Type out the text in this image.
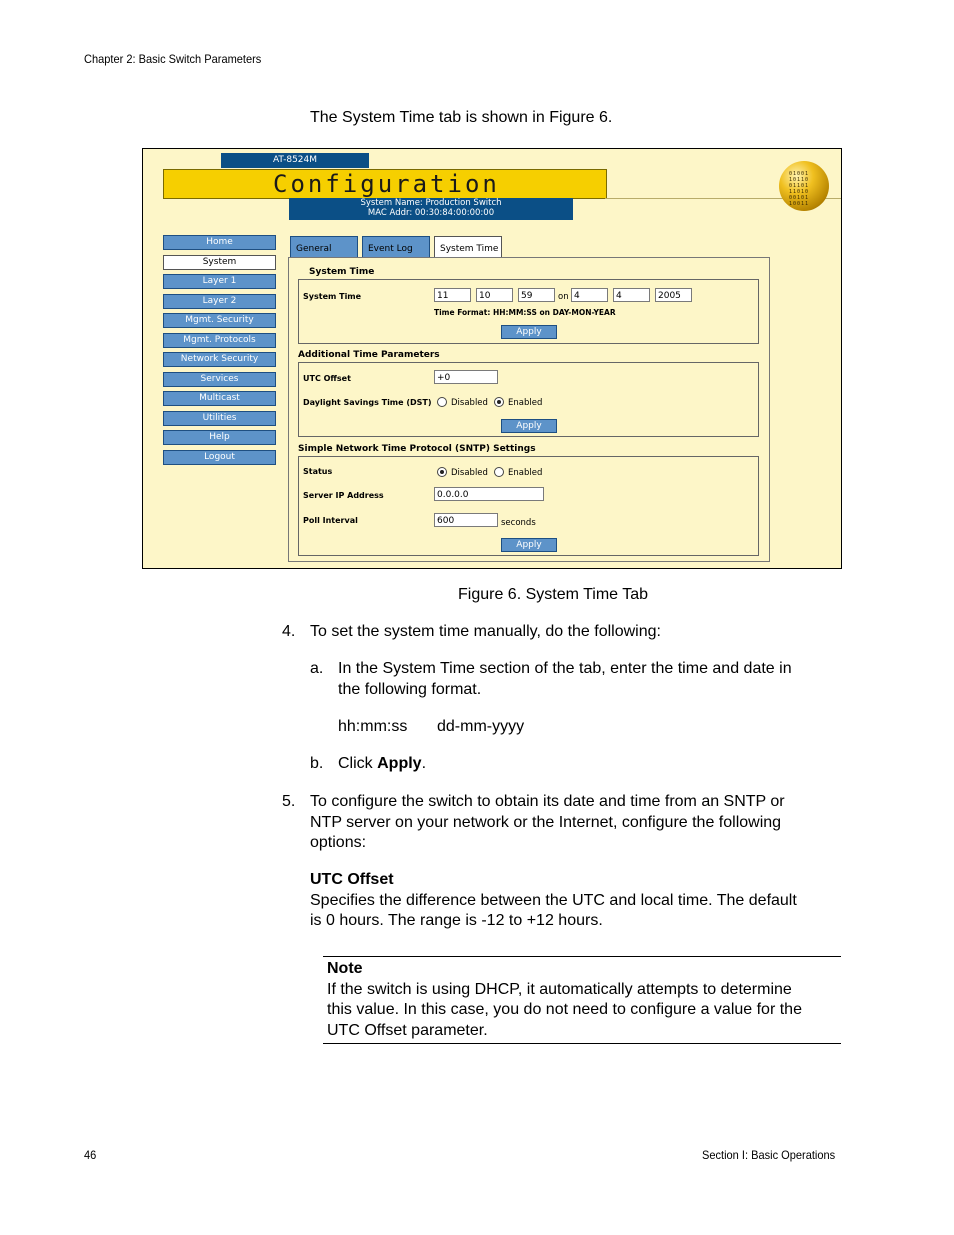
Chapter 2: Basic Switch Parameters
The System Time tab is shown in Figure 6.
AT-8524M
Configuration
System Name: Production Switch
MAC Addr: 00:30:84:00:00:00
01001 10110 01101 11010 00101 10011
Home
System
Layer 1
Layer 2
Mgmt. Security
Mgmt. Protocols
Network Security
Services
Multicast
Utilities
Help
Logout
General	Event Log	System Time
System Time
System Time	11	10	59	on 4	4	2005
Time Format: HH:MM:SS on DAY-MON-YEAR
Apply
Additional Time Parameters
UTC Offset	+0
Daylight Savings Time (DST) Disabled Enabled
Apply
Simple Network Time Protocol (SNTP) Settings
Status	Disabled Enabled
Server IP Address	0.0.0.0
Poll Interval	600	seconds
Apply
Figure 6. System Time Tab
4. To set the system time manually, do the following:
a. In the System Time section of the tab, enter the time and date in
the following format.
hh:mm:ss dd-mm-yyyy
b. Click Apply.
5. To configure the switch to obtain its date and time from an SNTP or
NTP server on your network or the Internet, configure the following
options:
UTC Offset
Specifies the difference between the UTC and local time. The default
is 0 hours. The range is -12 to +12 hours.
Note
If the switch is using DHCP, it automatically attempts to determine
this value. In this case, you do not need to configure a value for the
UTC Offset parameter.
46	Section I: Basic Operations
